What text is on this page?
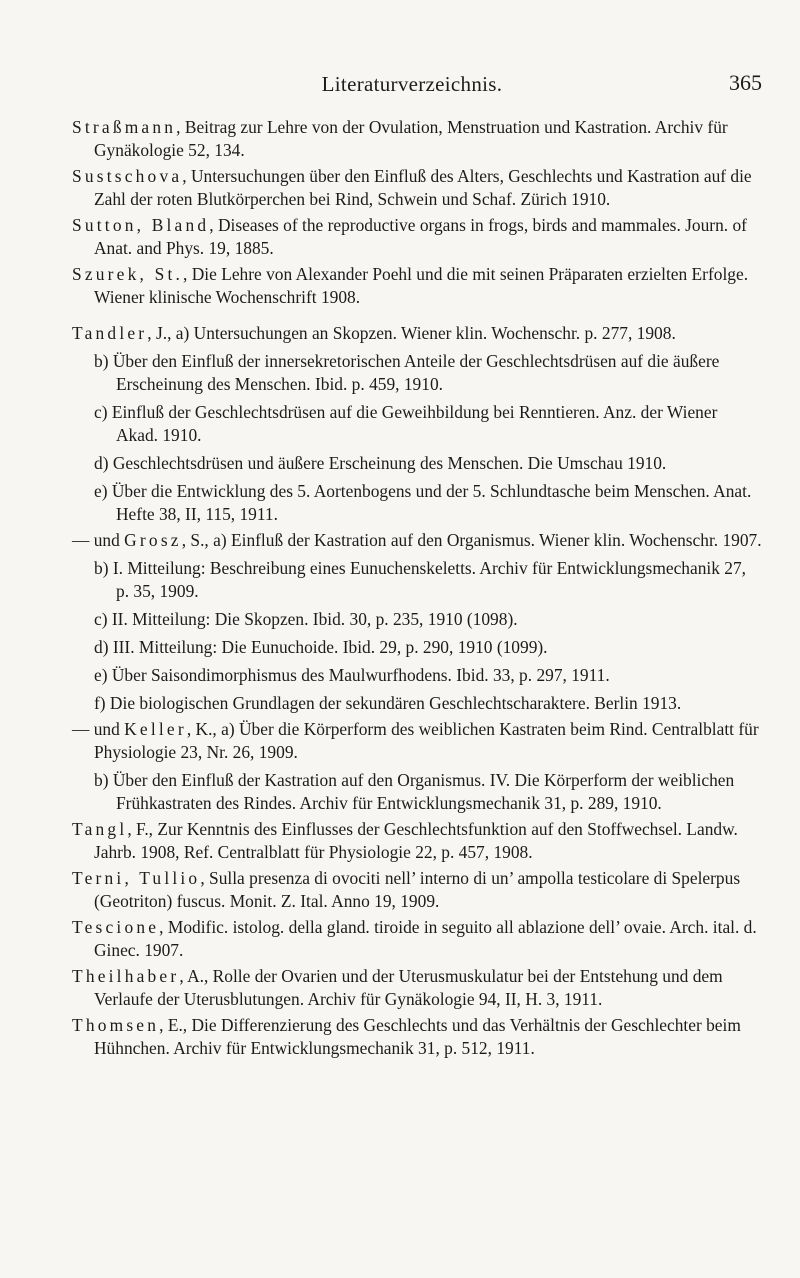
Literaturverzeichnis.	365
Straßmann, Beitrag zur Lehre von der Ovulation, Menstruation und Kastration. Archiv für Gynäkologie 52, 134.
Sustschova, Untersuchungen über den Einfluß des Alters, Geschlechts und Kastration auf die Zahl der roten Blutkörperchen bei Rind, Schwein und Schaf. Zürich 1910.
Sutton, Bland, Diseases of the reproductive organs in frogs, birds and mammales. Journ. of Anat. and Phys. 19, 1885.
Szurek, St., Die Lehre von Alexander Poehl und die mit seinen Präparaten erzielten Erfolge. Wiener klinische Wochenschrift 1908.
Tandler, J., a) Untersuchungen an Skopzen. Wiener klin. Wochenschr. p. 277, 1908.
b) Über den Einfluß der innersekretorischen Anteile der Geschlechtsdrüsen auf die äußere Erscheinung des Menschen. Ibid. p. 459, 1910.
c) Einfluß der Geschlechtsdrüsen auf die Geweihbildung bei Renntieren. Anz. der Wiener Akad. 1910.
d) Geschlechtsdrüsen und äußere Erscheinung des Menschen. Die Umschau 1910.
e) Über die Entwicklung des 5. Aortenbogens und der 5. Schlundtasche beim Menschen. Anat. Hefte 38, II, 115, 1911.
— und Grosz, S., a) Einfluß der Kastration auf den Organismus. Wiener klin. Wochenschr. 1907.
b) I. Mitteilung: Beschreibung eines Eunuchenskeletts. Archiv für Entwicklungsmechanik 27, p. 35, 1909.
c) II. Mitteilung: Die Skopzen. Ibid. 30, p. 235, 1910 (1098).
d) III. Mitteilung: Die Eunuchoide. Ibid. 29, p. 290, 1910 (1099).
e) Über Saisondimorphismus des Maulwurfhodens. Ibid. 33, p. 297, 1911.
f) Die biologischen Grundlagen der sekundären Geschlechtscharaktere. Berlin 1913.
— und Keller, K., a) Über die Körperform des weiblichen Kastraten beim Rind. Centralblatt für Physiologie 23, Nr. 26, 1909.
b) Über den Einfluß der Kastration auf den Organismus. IV. Die Körperform der weiblichen Frühkastraten des Rindes. Archiv für Entwicklungsmechanik 31, p. 289, 1910.
Tangl, F., Zur Kenntnis des Einflusses der Geschlechtsfunktion auf den Stoffwechsel. Landw. Jahrb. 1908, Ref. Centralblatt für Physiologie 22, p. 457, 1908.
Terni, Tullio, Sulla presenza di ovociti nell’ interno di un’ ampolla testicolare di Spelerpus (Geotriton) fuscus. Monit. Z. Ital. Anno 19, 1909.
Tescione, Modific. istolog. della gland. tiroide in seguito all ablazione dell’ ovaie. Arch. ital. d. Ginec. 1907.
Theilhaber, A., Rolle der Ovarien und der Uterusmuskulatur bei der Entstehung und dem Verlaufe der Uterusblutungen. Archiv für Gynäkologie 94, II, H. 3, 1911.
Thomsen, E., Die Differenzierung des Geschlechts und das Verhältnis der Geschlechter beim Hühnchen. Archiv für Entwicklungsmechanik 31, p. 512, 1911.
